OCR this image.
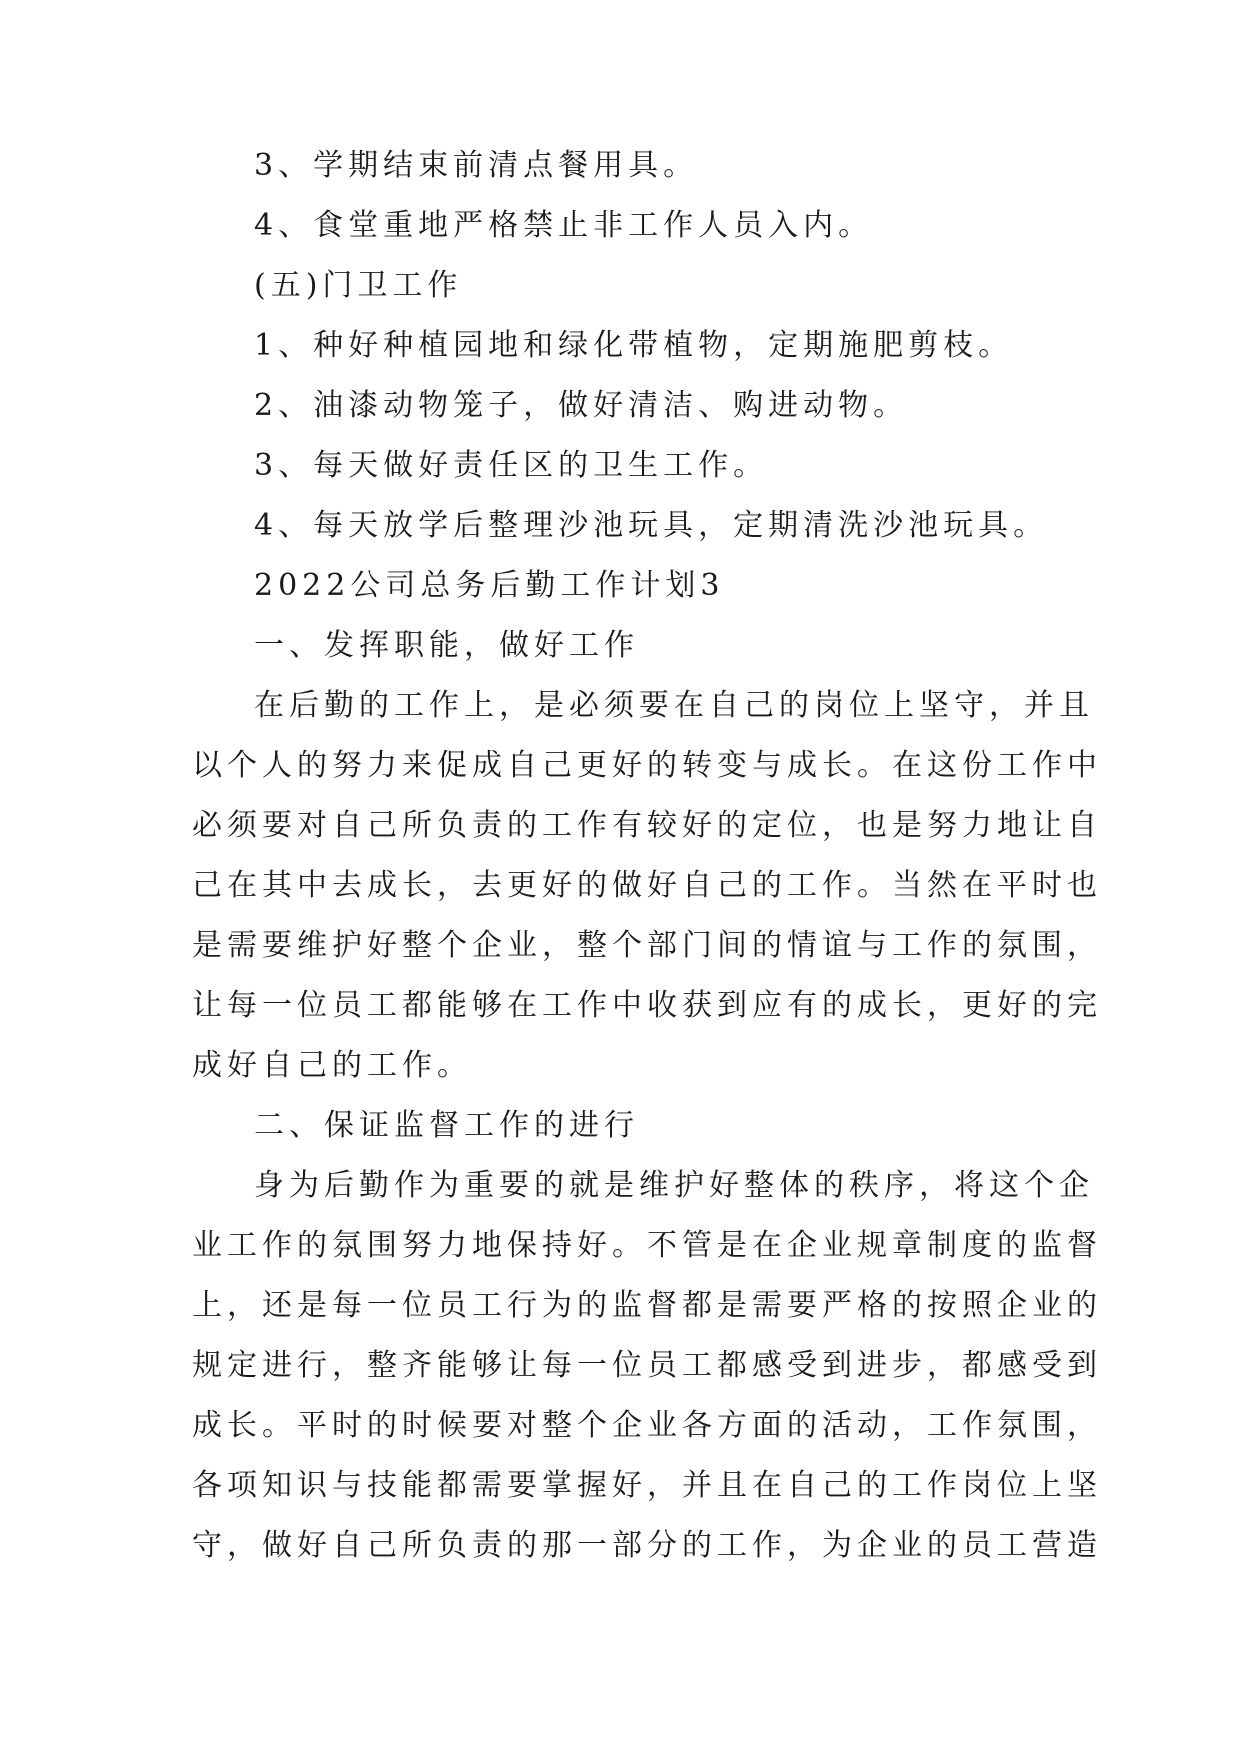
3、学期结束前清点餐用具。
4、食堂重地严格禁止非工作人员入内。
(五)门卫工作
1、种好种植园地和绿化带植物，定期施肥剪枝。
2、油漆动物笼子，做好清洁、购进动物。
3、每天做好责任区的卫生工作。
4、每天放学后整理沙池玩具，定期清洗沙池玩具。
2022公司总务后勤工作计划3
一、发挥职能，做好工作
在后勤的工作上，是必须要在自己的岗位上坚守，并且
以个人的努力来促成自己更好的转变与成长。在这份工作中
必须要对自己所负责的工作有较好的定位，也是努力地让自
己在其中去成长，去更好的做好自己的工作。当然在平时也
是需要维护好整个企业，整个部门间的情谊与工作的氛围，
让每一位员工都能够在工作中收获到应有的成长，更好的完
成好自己的工作。
二、保证监督工作的进行
身为后勤作为重要的就是维护好整体的秩序，将这个企
业工作的氛围努力地保持好。不管是在企业规章制度的监督
上，还是每一位员工行为的监督都是需要严格的按照企业的
规定进行，整齐能够让每一位员工都感受到进步，都感受到
成长。平时的时候要对整个企业各方面的活动，工作氛围，
各项知识与技能都需要掌握好，并且在自己的工作岗位上坚
守，做好自己所负责的那一部分的工作，为企业的员工营造
